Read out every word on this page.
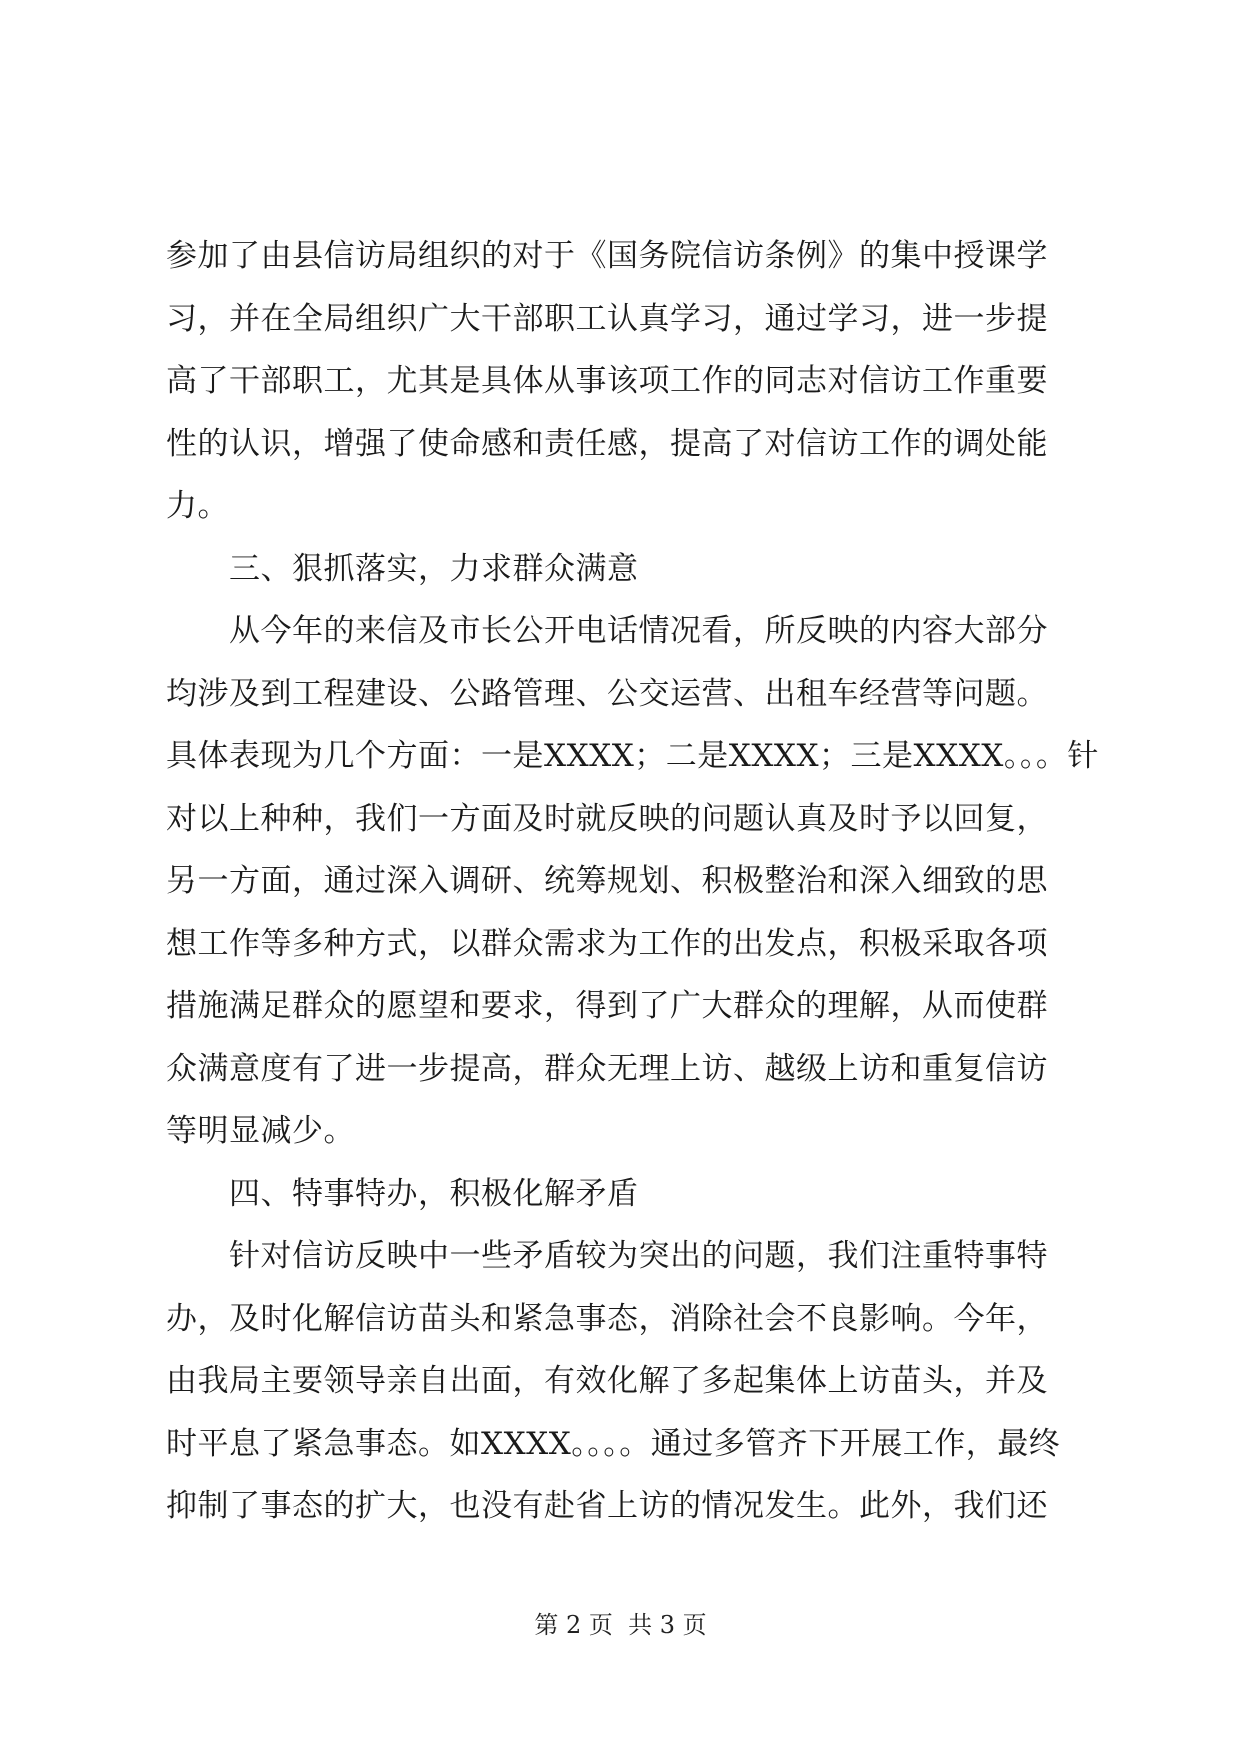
参加了由县信访局组织的对于《国务院信访条例》的集中授课学
习，并在全局组织广大干部职工认真学习，通过学习，进一步提
高了干部职工，尤其是具体从事该项工作的同志对信访工作重要
性的认识，增强了使命感和责任感，提高了对信访工作的调处能
力。
　　三、狠抓落实，力求群众满意
　　从今年的来信及市长公开电话情况看，所反映的内容大部分
均涉及到工程建设、公路管理、公交运营、出租车经营等问题。
具体表现为几个方面：一是XXXX；二是XXXX；三是XXXX。。。针
对以上种种，我们一方面及时就反映的问题认真及时予以回复，
另一方面，通过深入调研、统筹规划、积极整治和深入细致的思
想工作等多种方式，以群众需求为工作的出发点，积极采取各项
措施满足群众的愿望和要求，得到了广大群众的理解，从而使群
众满意度有了进一步提高，群众无理上访、越级上访和重复信访
等明显减少。
　　四、特事特办，积极化解矛盾
　　针对信访反映中一些矛盾较为突出的问题，我们注重特事特
办，及时化解信访苗头和紧急事态，消除社会不良影响。今年，
由我局主要领导亲自出面，有效化解了多起集体上访苗头，并及
时平息了紧急事态。如XXXX。。。。通过多管齐下开展工作，最终
抑制了事态的扩大，也没有赴省上访的情况发生。此外，我们还
第 2 页  共 3 页
